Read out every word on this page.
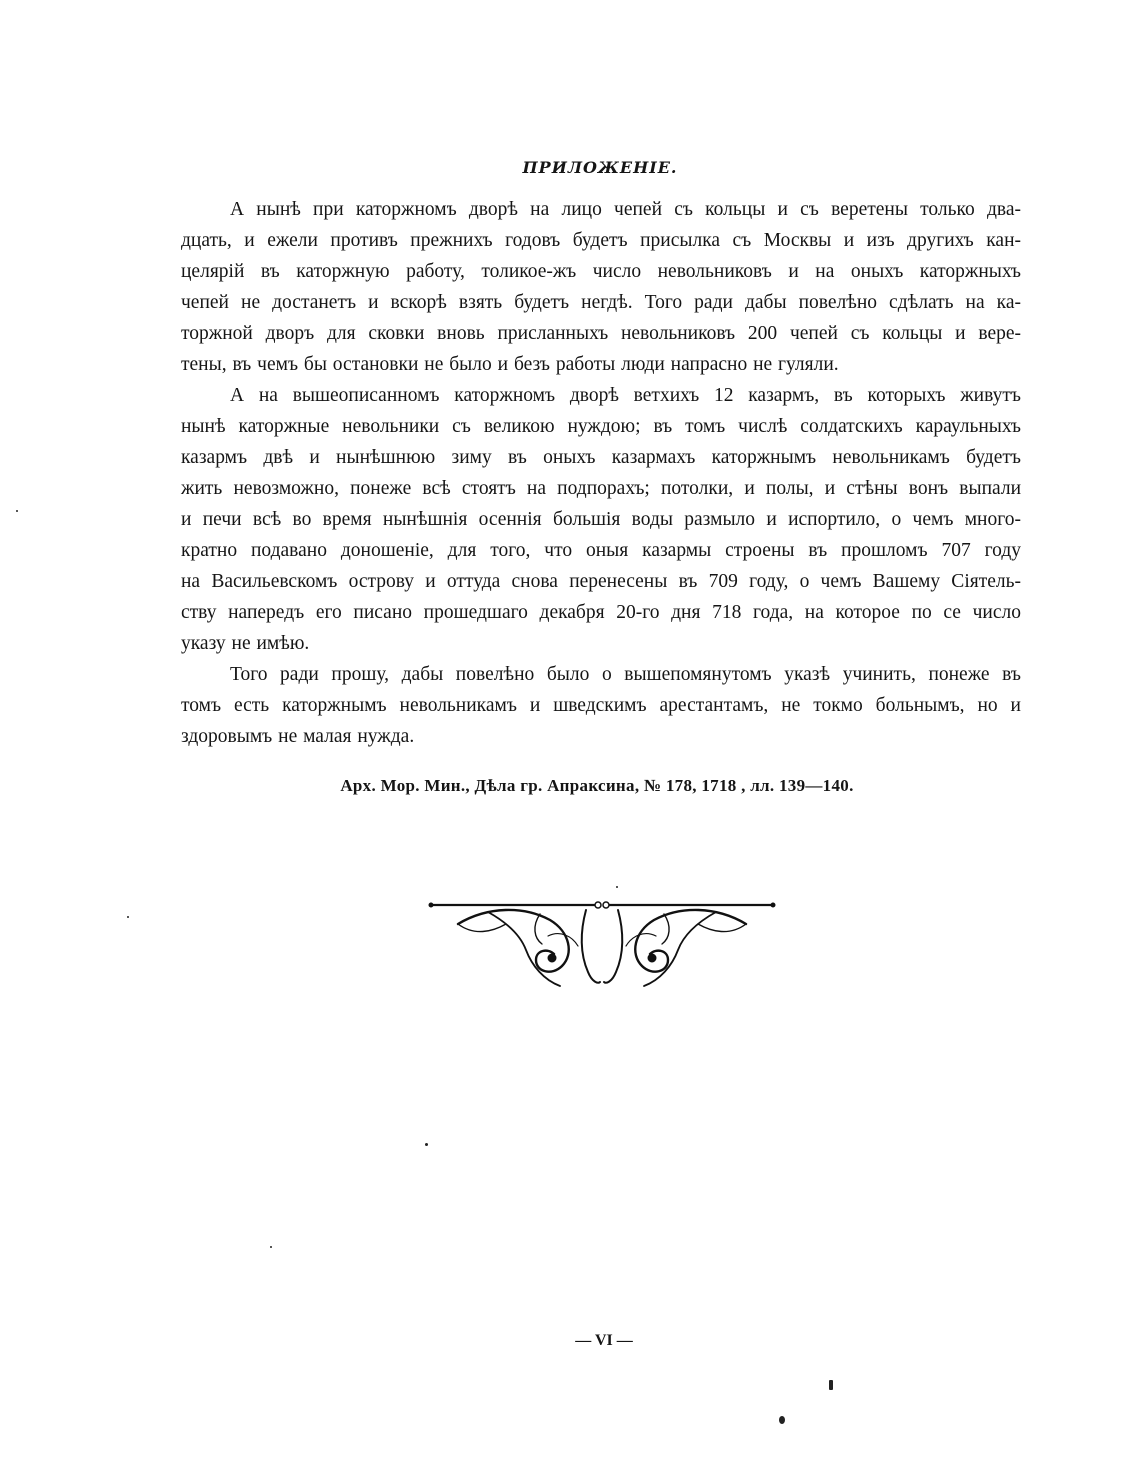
ПРИЛОЖЕНІЕ.
А нынѣ при каторжномъ дворѣ на лицо чепей съ кольцы и съ веретены только два-
дцать, и ежели противъ прежнихъ годовъ будетъ присылка съ Москвы и изъ другихъ кан-
целярій въ каторжную работу, толикое-жъ число невольниковъ и на оныхъ каторжныхъ
чепей не достанетъ и вскорѣ взять будетъ негдѣ. Того ради дабы повелѣно сдѣлать на ка-
торжной дворъ для сковки вновь присланныхъ невольниковъ 200 чепей съ кольцы и вере-
тены, въ чемъ бы остановки не было и безъ работы люди напрасно не гуляли.
А на вышеописанномъ каторжномъ дворѣ ветхихъ 12 казармъ, въ которыхъ живутъ
нынѣ каторжные невольники съ великою нуждою; въ томъ числѣ солдатскихъ караульныхъ
казармъ двѣ и нынѣшнюю зиму въ оныхъ казармахъ каторжнымъ невольникамъ будетъ
жить невозможно, понеже всѣ стоятъ на подпорахъ; потолки, и полы, и стѣны вонъ выпали
и печи всѣ во время нынѣшнія осеннія большія воды размыло и испортило, о чемъ много-
кратно подавано доношеніе, для того, что оныя казармы строены въ прошломъ 707 году
на Васильевскомъ острову и оттуда снова перенесены въ 709 году, о чемъ Вашему Сіятель-
ству напередъ его писано прошедшаго декабря 20-го дня 718 года, на которое по се число
указу не имѣю.
Того ради прошу, дабы повелѣно было о вышепомянутомъ указѣ учинить, понеже въ
томъ есть каторжнымъ невольникамъ и шведскимъ арестантамъ, не токмо больнымъ, но и
здоровымъ не малая нужда.
Арх. Мор. Мин., Дѣла гр. Апраксина, № 178, 1718 , лл. 139—140.
— VI —
